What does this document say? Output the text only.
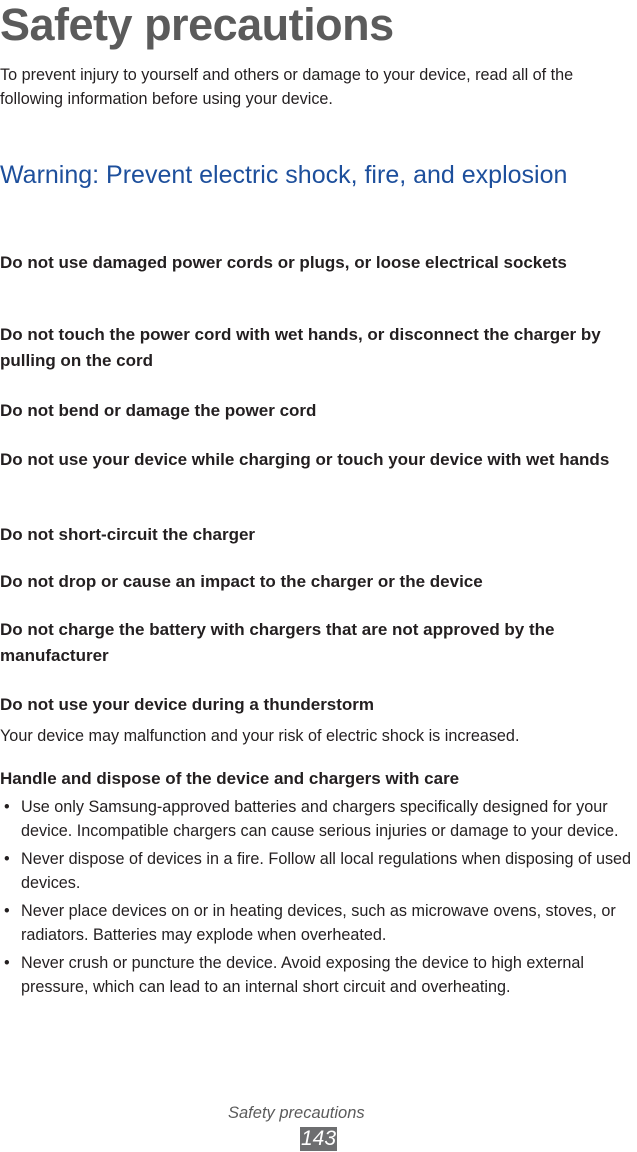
Safety precautions

To prevent injury to yourself and others or damage to your device, read all of the following information before using your device.

Warning: Prevent electric shock, fire, and explosion

Do not use damaged power cords or plugs, or loose electrical sockets

Do not touch the power cord with wet hands, or disconnect the charger by pulling on the cord

Do not bend or damage the power cord

Do not use your device while charging or touch your device with wet hands

Do not short-circuit the charger

Do not drop or cause an impact to the charger or the device

Do not charge the battery with chargers that are not approved by the manufacturer

Do not use your device during a thunderstorm

Your device may malfunction and your risk of electric shock is increased.

Handle and dispose of the device and chargers with care

• Use only Samsung-approved batteries and chargers specifically designed for your device. Incompatible chargers can cause serious injuries or damage to your device.
• Never dispose of devices in a fire. Follow all local regulations when disposing of used devices.
• Never place devices on or in heating devices, such as microwave ovens, stoves, or radiators. Batteries may explode when overheated.
• Never crush or puncture the device. Avoid exposing the device to high external pressure, which can lead to an internal short circuit and overheating.
Safety precautions
143
